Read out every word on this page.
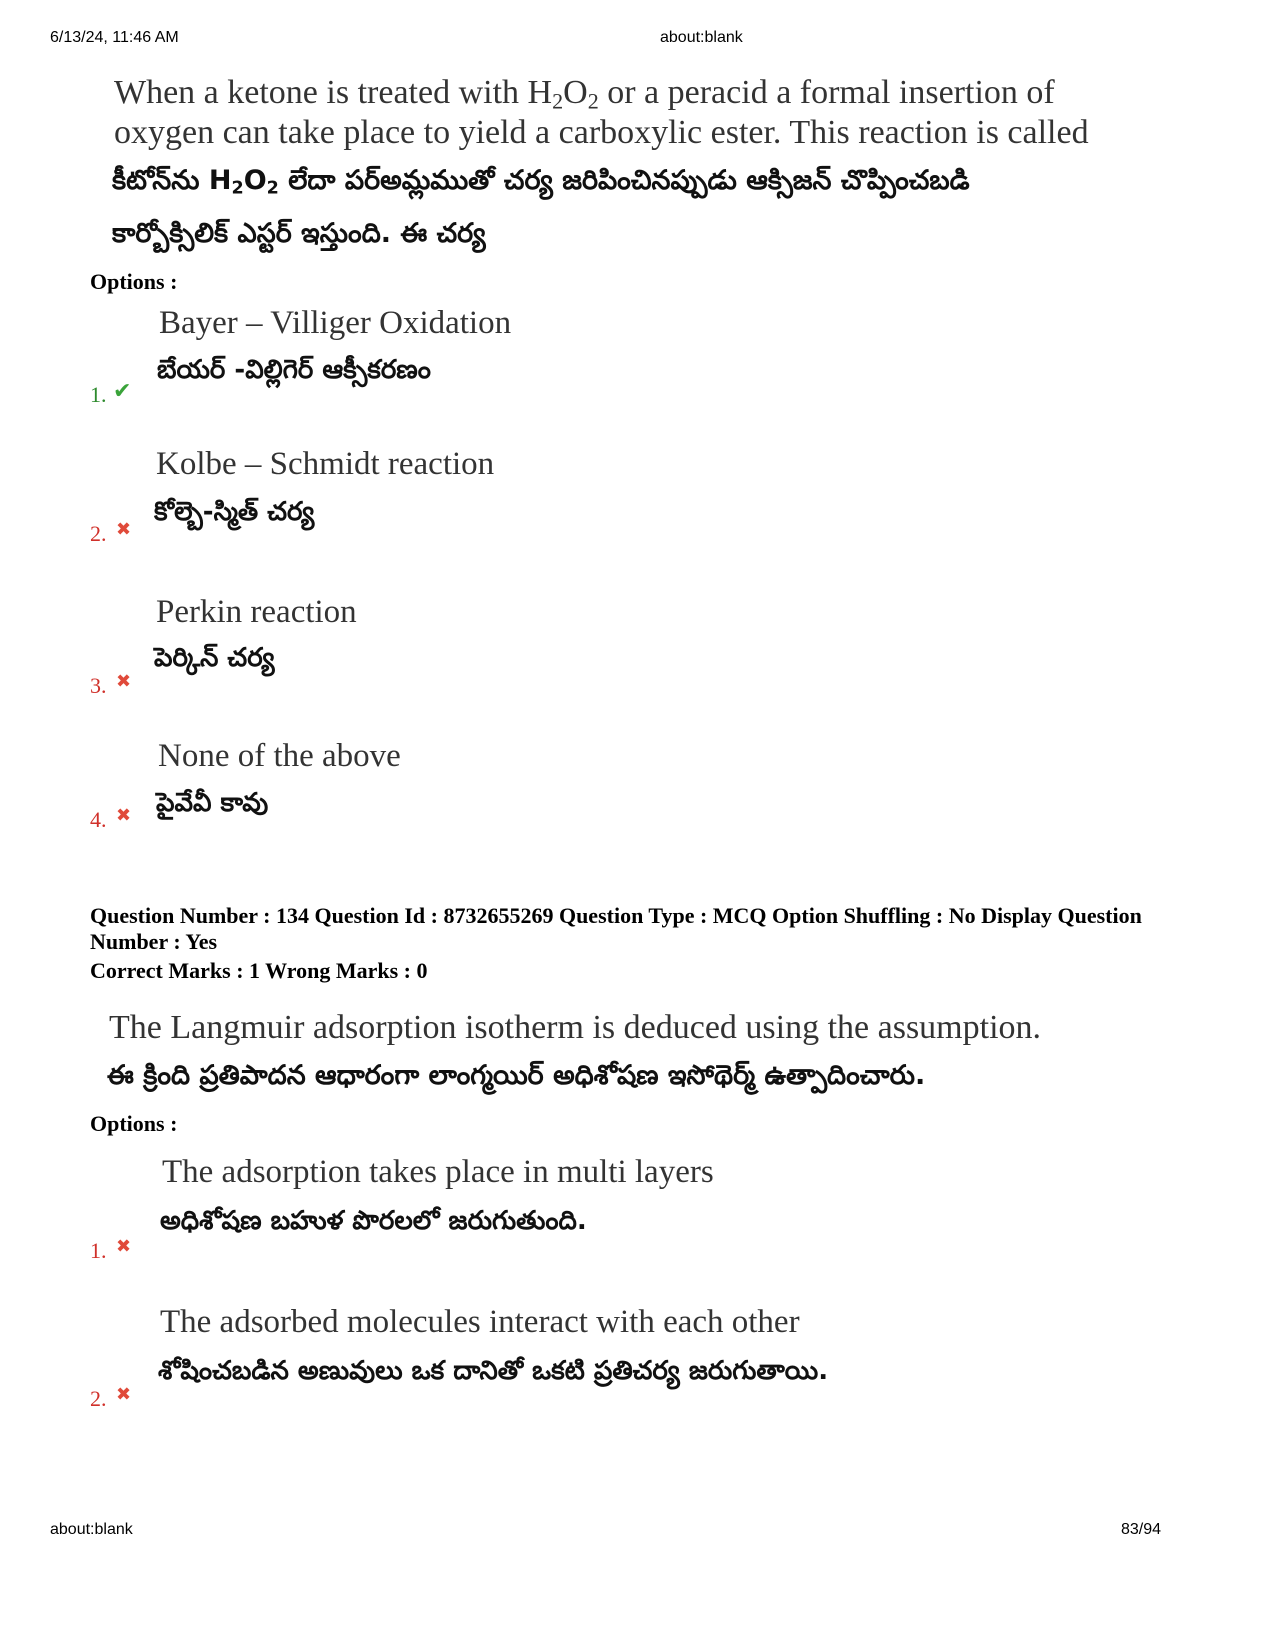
6/13/24, 11:46 AM	about:blank
When a ketone is treated with $H_2O_2$ or a peracid a formal insertion of
oxygen can take place to yield a carboxylic ester. This reaction is called
కీటోన్‌ను $H_2O_2$ లేదా పర్‌అమ్లముతో చర్య జరిపించినప్పుడు ఆక్సిజన్ చొప్పించబడి
కార్బోక్సిలిక్ ఎస్టర్ ఇస్తుంది. ఈ చర్య
Options :
Bayer – Villiger Oxidation
బేయర్ -విల్లిగెర్ ఆక్సీకరణం
1. ✔
Kolbe – Schmidt reaction
కోల్బె-స్మిత్ చర్య
2. ✖
Perkin reaction
పెర్కిన్ చర్య
3. ✖
None of the above
పైవేవీ కావు
4. ✖
Question Number : 134 Question Id : 8732655269 Question Type : MCQ Option Shuffling : No Display Question Number : Yes
Correct Marks : 1 Wrong Marks : 0
The Langmuir adsorption isotherm is deduced using the assumption.
ఈ క్రింది ప్రతిపాదన ఆధారంగా లాంగ్మయిర్ అధిశోషణ ఇసోథెర్మ్ ఉత్పాదించారు.
Options :
The adsorption takes place in multi layers
అధిశోషణ బహుళ పొరలలో జరుగుతుంది.
1. ✖
The adsorbed molecules interact with each other
శోషించబడిన అణువులు ఒక దానితో ఒకటి ప్రతిచర్య జరుగుతాయి.
2. ✖
about:blank	83/94
